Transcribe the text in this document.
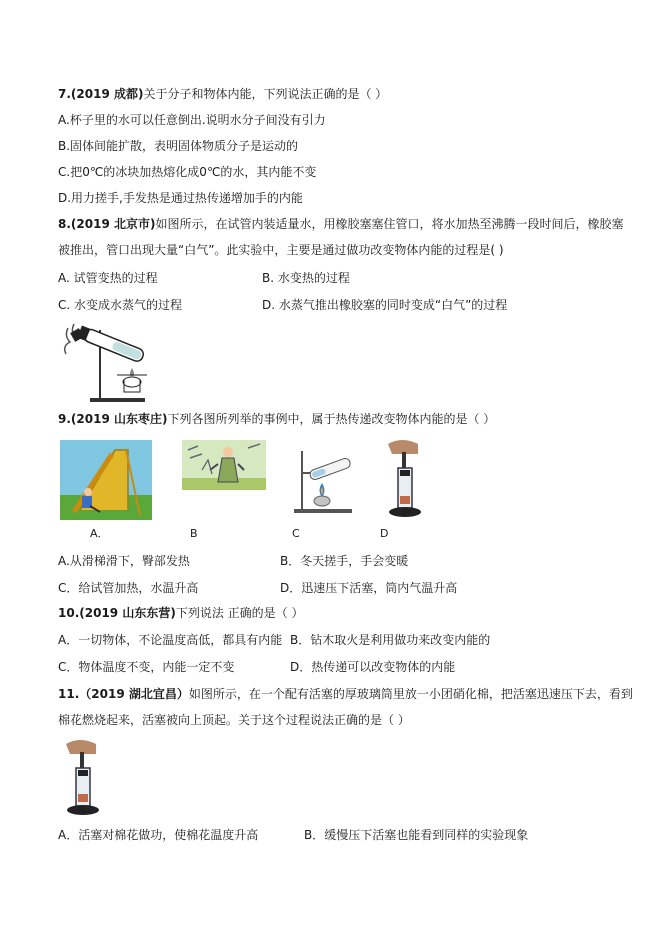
7.(2019 成都)关于分子和物体内能，下列说法正确的是（ ）
A.杯子里的水可以任意倒出.说明水分子间没有引力
B.固体间能扩散，表明固体物质分子是运动的
C.把0℃的冰块加热熔化成0℃的水，其内能不变
D.用力搓手,手发热是通过热传递增加手的内能
8.(2019 北京市)如图所示，在试管内装适量水，用橡胶塞塞住管口，将水加热至沸腾一段时间后，橡胶塞
被推出，管口出现大量“白气”。此实验中，主要是通过做功改变物体内能的过程是( )
A. 试管变热的过程	B. 水变热的过程
C. 水变成水蒸气的过程	D. 水蒸气推出橡胶塞的同时变成“白气”的过程
9.(2019 山东枣庄)下列各图所列举的事例中，属于热传递改变物体内能的是（ ）
A．	B	C	D
A.从滑梯滑下，臀部发热	B．冬天搓手，手会变暖
C．给试管加热，水温升高	D．迅速压下活塞，筒内气温升高
10.(2019 山东东营)下列说法 正确的是（ ）
A．一切物体，不论温度高低，都具有内能 B．钻木取火是利用做功来改变内能的
C．物体温度不变，内能一定不变	D．热传递可以改变物体的内能
11.（2019 湖北宜昌）如图所示，在一个配有活塞的厚玻璃筒里放一小团硝化棉，把活塞迅速压下去，看到
棉花燃烧起来，活塞被向上顶起。关于这个过程说法正确的是（ ）
A．活塞对棉花做功，使棉花温度升高	B．缓慢压下活塞也能看到同样的实验现象
